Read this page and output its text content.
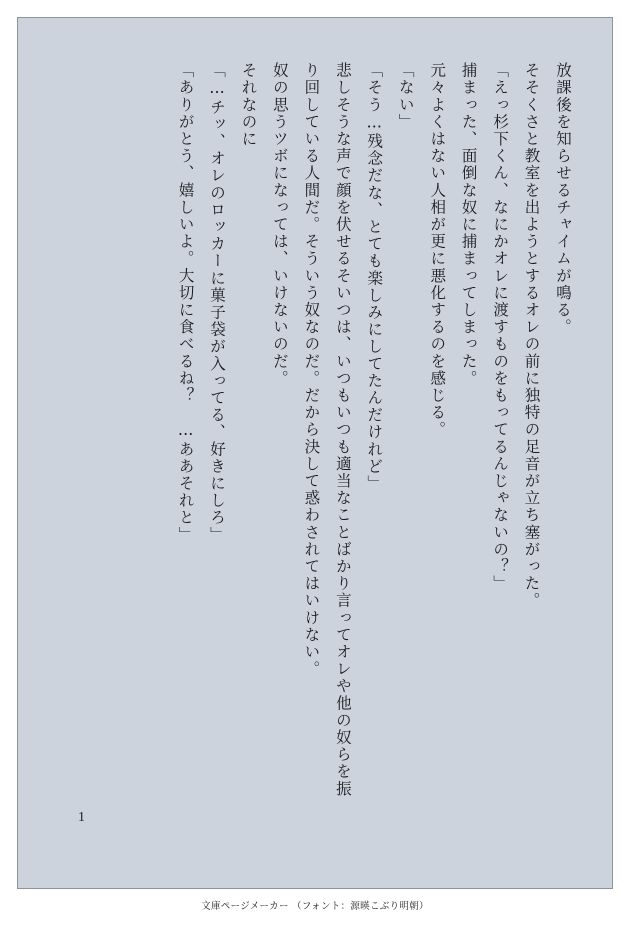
放課後を知らせるチャイムが鳴る。

そそくさと教室を出ようとするオレの前に独特の足音が立ち塞がった。

「えっ杉下くん、なにかオレに渡すものをもってるんじゃないの？」

捕まった、面倒な奴に捕まってしまった。

元々よくはない人相が更に悪化するのを感じる。

「ない」

「そう…残念だな、とても楽しみにしてたんだけれど」

悲しそうな声で顔を伏せるそいつは、いつもいつも適当なことばかり言ってオレや他の奴らを振り回している人間だ。そういう奴なのだ。だから決して惑わされてはいけない。

奴の思うツボになっては、いけないのだ。

それなのに

「…チッ、オレのロッカーに菓子袋が入ってる、好きにしろ」

「ありがとう、嬉しいよ。大切に食べるね？　…ああそれと」

1
文庫ページメーカー （フォント：源暎こぶり明朝）
